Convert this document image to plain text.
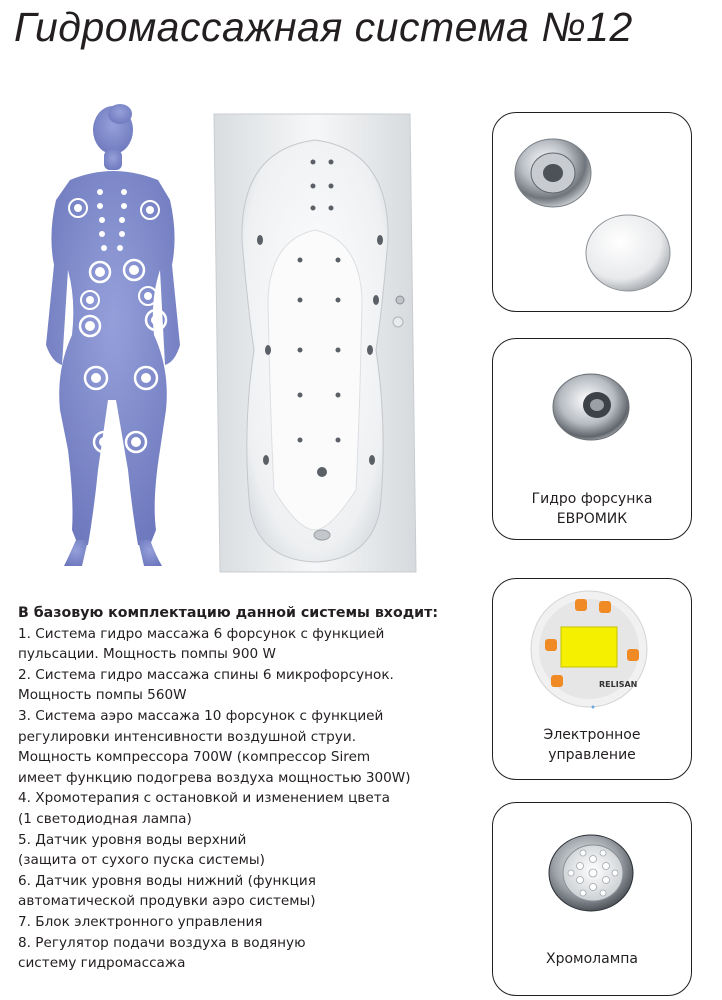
Гидромассажная система №12
Гидро форсунка
ЕВРОМИК
RELISAN
Электронное
управление
Хромолампа
В базовую комплектацию данной системы входит:
1. Система гидро массажа 6 форсунок с функцией
пульсации. Мощность помпы 900 W
2. Система гидро массажа спины 6 микрофорсунок.
Мощность помпы 560W
3. Система аэро массажа 10 форсунок с функцией
регулировки интенсивности воздушной струи.
Мощность компрессора 700W (компрессор Sirem
имеет функцию подогрева воздуха мощностью 300W)
4. Хромотерапия с остановкой и изменением цвета
(1 светодиодная лампа)
5. Датчик уровня воды верхний
(защита от сухого пуска системы)
6. Датчик уровня воды нижний (функция
автоматической продувки аэро системы)
7. Блок электронного управления
8. Регулятор подачи воздуха в водяную
систему гидромассажа
